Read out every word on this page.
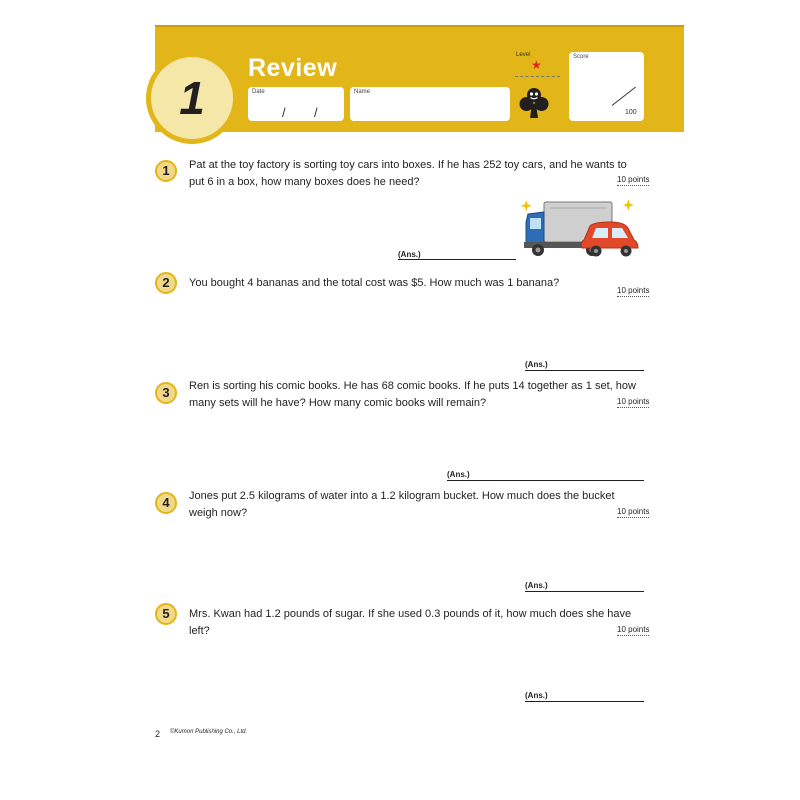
1
Review
Date
/ /
Name
Level
★
Score
100
1	Pat at the toy factory is sorting toy cars into boxes. If he has 252 toy cars, and he wants to put 6 in a box, how many boxes does he need?	10 points
(Ans.)
2	You bought 4 bananas and the total cost was $5. How much was 1 banana?
10 points
(Ans.)
3	Ren is sorting his comic books. He has 68 comic books. If he puts 14 together as 1 set, how many sets will he have? How many comic books will remain?	10 points
(Ans.)
4	Jones put 2.5 kilograms of water into a 1.2 kilogram bucket. How much does the bucket weigh now?	10 points
(Ans.)
5	Mrs. Kwan had 1.2 pounds of sugar. If she used 0.3 pounds of it, how much does she have left?	10 points
(Ans.)
2 ©Kumon Publishing Co., Ltd.
